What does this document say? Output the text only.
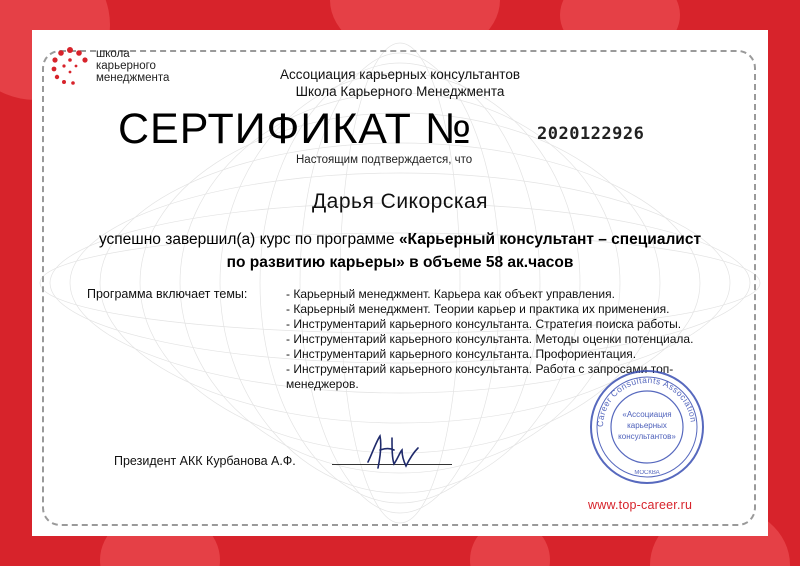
школа
карьерного
менеджмента	Ассоциация карьерных консультантов
Школа Карьерного Менеджмента
СЕРТИФИКАТ №	2020122926
Настоящим подтверждается, что
Дарья Сикорская
успешно завершил(а) курс по программе «Карьерный консультант – специалист по развитию карьеры» в объеме 58 ак.часов
Программа включает темы:	- Карьерный менеджмент. Карьера как объект управления.
- Карьерный менеджмент. Теории карьер и практика их применения.
- Инструментарий карьерного консультанта. Стратегия поиска работы.
- Инструментарий карьерного консультанта. Методы оценки потенциала.
- Инструментарий карьерного консультанта. Профориентация.
- Инструментарий карьерного консультанта. Работа с запросами топ-менеджеров.
Президент АКК Курбанова А.Ф.
Career Consultants Association
«Ассоциация
карьерных
консультантов»
МОСКВА
www.top-career.ru
